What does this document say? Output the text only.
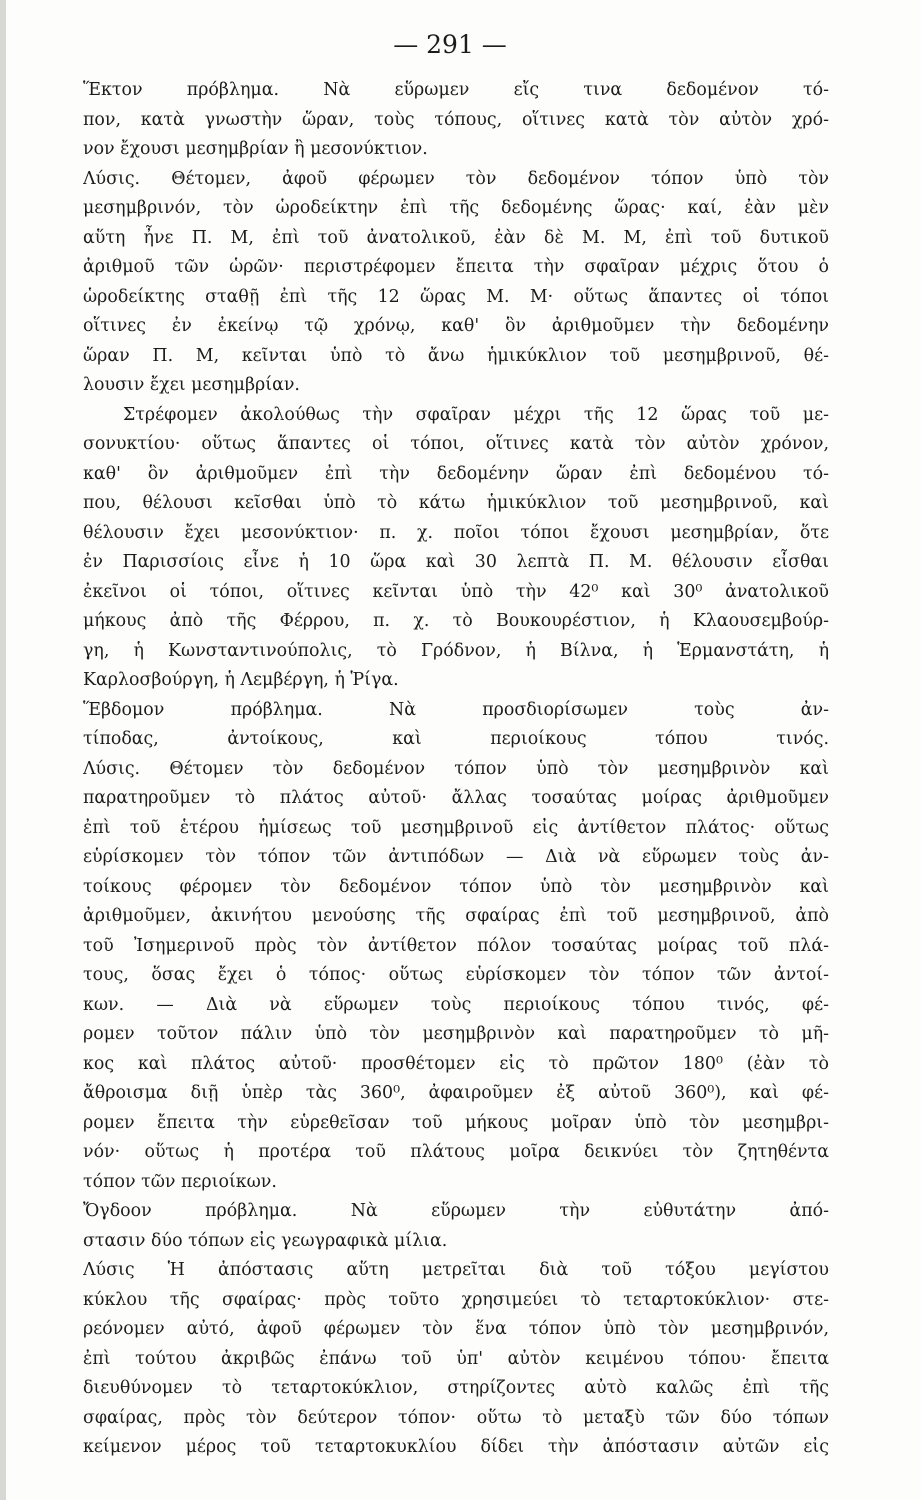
— 291 —
Ἕκτον πρόβλημα. Νὰ εὕρωμεν εἴς τινα δεδομένον τό-
πον, κατὰ γνωστὴν ὥραν, τοὺς τόπους, οἵτινες κατὰ τὸν αὐτὸν χρό-
νον ἔχουσι μεσημβρίαν ἢ μεσονύκτιον.
Λύσις. Θέτομεν, ἀφοῦ φέρωμεν τὸν δεδομένον τόπον ὑπὸ τὸν
μεσημβρινόν, τὸν ὡροδείκτην ἐπὶ τῆς δεδομένης ὥρας· καί, ἐὰν μὲν
αὕτη ἦνε Π. Μ, ἐπὶ τοῦ ἀνατολικοῦ, ἐὰν δὲ Μ. Μ, ἐπὶ τοῦ δυτικοῦ
ἀριθμοῦ τῶν ὡρῶν· περιστρέφομεν ἔπειτα τὴν σφαῖραν μέχρις ὅτου ὁ
ὡροδείκτης σταθῇ ἐπὶ τῆς 12 ὥρας Μ. Μ· οὕτως ἅπαντες οἱ τόποι
οἵτινες ἐν ἐκείνῳ τῷ χρόνῳ, καθ' ὃν ἀριθμοῦμεν τὴν δεδομένην
ὥραν Π. Μ, κεῖνται ὑπὸ τὸ ἄνω ἡμικύκλιον τοῦ μεσημβρινοῦ, θέ-
λουσιν ἔχει μεσημβρίαν.
Στρέφομεν ἀκολούθως τὴν σφαῖραν μέχρι τῆς 12 ὥρας τοῦ με-
σονυκτίου· οὕτως ἅπαντες οἱ τόποι, οἵτινες κατὰ τὸν αὐτὸν χρόνον,
καθ' ὃν ἀριθμοῦμεν ἐπὶ τὴν δεδομένην ὥραν ἐπὶ δεδομένου τό-
που, θέλουσι κεῖσθαι ὑπὸ τὸ κάτω ἡμικύκλιον τοῦ μεσημβρινοῦ, καὶ
θέλουσιν ἔχει μεσονύκτιον· π. χ. ποῖοι τόποι ἔχουσι μεσημβρίαν, ὅτε
ἐν Παρισσίοις εἶνε ἡ 10 ὥρα καὶ 30 λεπτὰ Π. Μ. θέλουσιν εἶσθαι
ἐκεῖνοι οἱ τόποι, οἵτινες κεῖνται ὑπὸ τὴν 42⁰ καὶ 30⁰ ἀνατολικοῦ
μήκους ἀπὸ τῆς Φέρρου, π. χ. τὸ Βουκουρέστιον, ἡ Κλαουσεμβούρ-
γη, ἡ Κωνσταντινούπολις, τὸ Γρόδνον, ἡ Βίλνα, ἡ Ἑρμανστάτη, ἡ
Καρλοσβούργη, ἡ Λεμβέργη, ἡ Ῥίγα.
Ἕβδομον πρόβλημα. Νὰ προσδιορίσωμεν τοὺς ἀν-
τίποδας, ἀντοίκους, καὶ περιοίκους τόπου τινός.
Λύσις. Θέτομεν τὸν δεδομένον τόπον ὑπὸ τὸν μεσημβρινὸν καὶ
παρατηροῦμεν τὸ πλάτος αὐτοῦ· ἄλλας τοσαύτας μοίρας ἀριθμοῦμεν
ἐπὶ τοῦ ἑτέρου ἡμίσεως τοῦ μεσημβρινοῦ εἰς ἀντίθετον πλάτος· οὕτως
εὑρίσκομεν τὸν τόπον τῶν ἀντιπόδων — Διὰ νὰ εὕρωμεν τοὺς ἀν-
τοίκους φέρομεν τὸν δεδομένον τόπον ὑπὸ τὸν μεσημβρινὸν καὶ
ἀριθμοῦμεν, ἀκινήτου μενούσης τῆς σφαίρας ἐπὶ τοῦ μεσημβρινοῦ, ἀπὸ
τοῦ Ἰσημερινοῦ πρὸς τὸν ἀντίθετον πόλον τοσαύτας μοίρας τοῦ πλά-
τους, ὅσας ἔχει ὁ τόπος· οὕτως εὑρίσκομεν τὸν τόπον τῶν ἀντοί-
κων. — Διὰ νὰ εὕρωμεν τοὺς περιοίκους τόπου τινός, φέ-
ρομεν τοῦτον πάλιν ὑπὸ τὸν μεσημβρινὸν καὶ παρατηροῦμεν τὸ μῆ-
κος καὶ πλάτος αὐτοῦ· προσθέτομεν εἰς τὸ πρῶτον 180⁰ (ἐὰν τὸ
ἄθροισμα διῇ ὑπὲρ τὰς 360⁰, ἀφαιροῦμεν ἐξ αὐτοῦ 360⁰), καὶ φέ-
ρομεν ἔπειτα τὴν εὑρεθεῖσαν τοῦ μήκους μοῖραν ὑπὸ τὸν μεσημβρι-
νόν· οὕτως ἡ προτέρα τοῦ πλάτους μοῖρα δεικνύει τὸν ζητηθέντα
τόπον τῶν περιοίκων.
Ὄγδοον πρόβλημα. Νὰ εὕρωμεν τὴν εὐθυτάτην ἀπό-
στασιν δύο τόπων εἰς γεωγραφικὰ μίλια.
Λύσις Ἡ ἀπόστασις αὕτη μετρεῖται διὰ τοῦ τόξου μεγίστου
κύκλου τῆς σφαίρας· πρὸς τοῦτο χρησιμεύει τὸ τεταρτοκύκλιον· στε-
ρεόνομεν αὐτό, ἀφοῦ φέρωμεν τὸν ἕνα τόπον ὑπὸ τὸν μεσημβρινόν,
ἐπὶ τούτου ἀκριβῶς ἐπάνω τοῦ ὑπ' αὐτὸν κειμένου τόπου· ἔπειτα
διευθύνομεν τὸ τεταρτοκύκλιον, στηρίζοντες αὐτὸ καλῶς ἐπὶ τῆς
σφαίρας, πρὸς τὸν δεύτερον τόπον· οὕτω τὸ μεταξὺ τῶν δύο τόπων
κείμενον μέρος τοῦ τεταρτοκυκλίου δίδει τὴν ἀπόστασιν αὐτῶν εἰς
